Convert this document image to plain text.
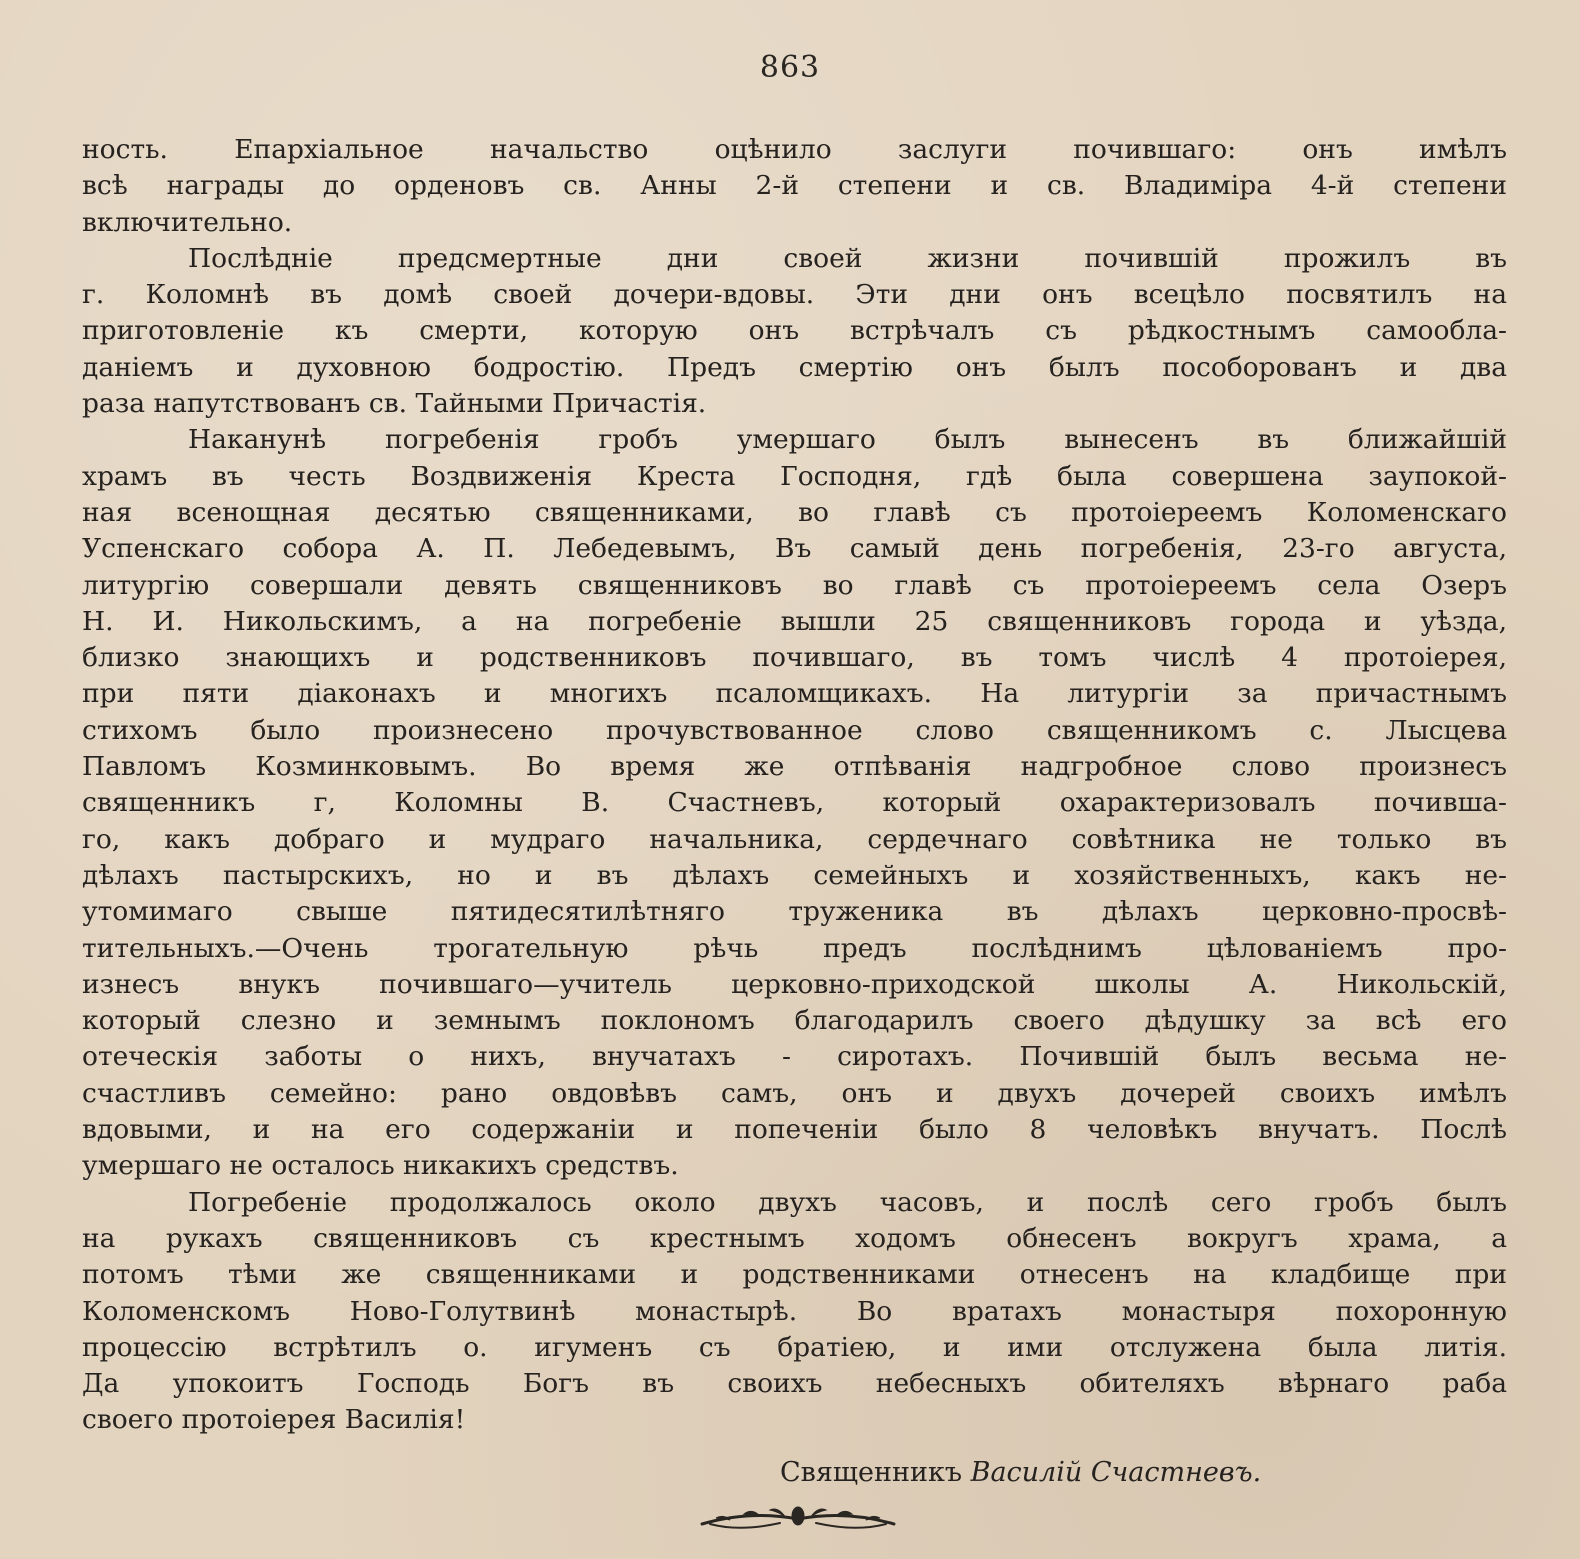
863
ность. Епархіальное начальство оцѣнило заслуги почившаго: онъ имѣлъ
всѣ награды до орденовъ св. Анны 2-й степени и св. Владиміра 4-й степени
включительно.
Послѣдніе предсмертные дни своей жизни почившій прожилъ въ
г. Коломнѣ въ домѣ своей дочери-вдовы. Эти дни онъ всецѣло посвятилъ на
приготовленіе къ смерти, которую онъ встрѣчалъ съ рѣдкостнымъ самообла-
даніемъ и духовною бодростію. Предъ смертію онъ былъ пособорованъ и два
раза напутствованъ св. Тайными Причастія.
Наканунѣ погребенія гробъ умершаго былъ вынесенъ въ ближайшій
храмъ въ честь Воздвиженія Креста Господня, гдѣ была совершена заупокой-
ная всенощная десятью священниками, во главѣ съ протоіереемъ Коломенскаго
Успенскаго собора А. П. Лебедевымъ, Въ самый день погребенія, 23-го августа,
литургію совершали девять священниковъ во главѣ съ протоіереемъ села Озеръ
Н. И. Никольскимъ, а на погребеніе вышли 25 священниковъ города и уѣзда,
близко знающихъ и родственниковъ почившаго, въ томъ числѣ 4 протоіерея,
при пяти діаконахъ и многихъ псаломщикахъ. На литургіи за причастнымъ
стихомъ было произнесено прочувствованное слово священникомъ с. Лысцева
Павломъ Козминковымъ. Во время же отпѣванія надгробное слово произнесъ
священникъ г, Коломны В. Счастневъ, который охарактеризовалъ почивша-
го, какъ добраго и мудраго начальника, сердечнаго совѣтника не только въ
дѣлахъ пастырскихъ, но и въ дѣлахъ семейныхъ и хозяйственныхъ, какъ не-
утомимаго свыше пятидесятилѣтняго труженика въ дѣлахъ церковно-просвѣ-
тительныхъ.—Очень трогательную рѣчь предъ послѣднимъ цѣлованіемъ про-
изнесъ внукъ почившаго—учитель церковно-приходской школы А. Никольскій,
который слезно и земнымъ поклономъ благодарилъ своего дѣдушку за всѣ его
отеческія заботы о нихъ, внучатахъ - сиротахъ. Почившій былъ весьма не-
счастливъ семейно: рано овдовѣвъ самъ, онъ и двухъ дочерей своихъ имѣлъ
вдовыми, и на его содержаніи и попеченіи было 8 человѣкъ внучатъ. Послѣ
умершаго не осталось никакихъ средствъ.
Погребеніе продолжалось около двухъ часовъ, и послѣ сего гробъ былъ
на рукахъ священниковъ съ крестнымъ ходомъ обнесенъ вокругъ храма, а
потомъ тѣми же священниками и родственниками отнесенъ на кладбище при
Коломенскомъ Ново-Голутвинѣ монастырѣ. Во вратахъ монастыря похоронную
процессію встрѣтилъ о. игуменъ съ братіею, и ими отслужена была литія.
Да упокоитъ Господь Богъ въ своихъ небесныхъ обителяхъ вѣрнаго раба
своего протоіерея Василія!
Священникъ Василій Счастневъ.
